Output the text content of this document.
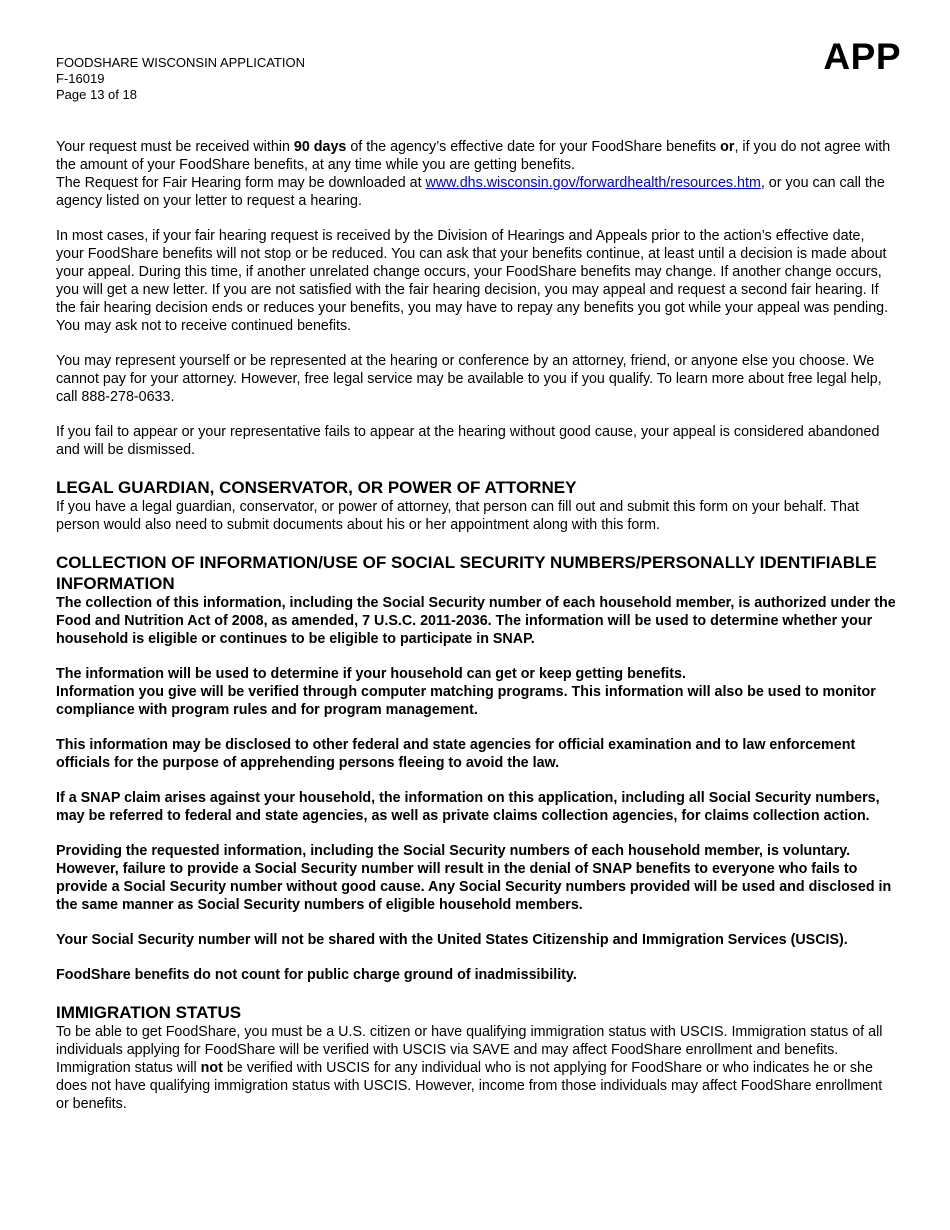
FOODSHARE WISCONSIN APPLICATION
F-16019
Page 13 of 18
APP

Your request must be received within 90 days of the agency’s effective date for your FoodShare benefits or, if you do not agree with the amount of your FoodShare benefits, at any time while you are getting benefits.

The Request for Fair Hearing form may be downloaded at www.dhs.wisconsin.gov/forwardhealth/resources.htm, or you can call the agency listed on your letter to request a hearing.

In most cases, if your fair hearing request is received by the Division of Hearings and Appeals prior to the action’s effective date, your FoodShare benefits will not stop or be reduced. You can ask that your benefits continue, at least until a decision is made about your appeal. During this time, if another unrelated change occurs, your FoodShare benefits may change. If another change occurs, you will get a new letter. If you are not satisfied with the fair hearing decision, you may appeal and request a second fair hearing. If the fair hearing decision ends or reduces your benefits, you may have to repay any benefits you got while your appeal was pending. You may ask not to receive continued benefits.

You may represent yourself or be represented at the hearing or conference by an attorney, friend, or anyone else you choose. We cannot pay for your attorney. However, free legal service may be available to you if you qualify. To learn more about free legal help, call 888-278-0633.

If you fail to appear or your representative fails to appear at the hearing without good cause, your appeal is considered abandoned and will be dismissed.

LEGAL GUARDIAN, CONSERVATOR, OR POWER OF ATTORNEY

If you have a legal guardian, conservator, or power of attorney, that person can fill out and submit this form on your behalf. That person would also need to submit documents about his or her appointment along with this form.

COLLECTION OF INFORMATION/USE OF SOCIAL SECURITY NUMBERS/PERSONALLY IDENTIFIABLE INFORMATION

The collection of this information, including the Social Security number of each household member, is authorized under the Food and Nutrition Act of 2008, as amended, 7 U.S.C. 2011-2036. The information will be used to determine whether your household is eligible or continues to be eligible to participate in SNAP.

The information will be used to determine if your household can get or keep getting benefits.

Information you give will be verified through computer matching programs. This information will also be used to monitor compliance with program rules and for program management.

This information may be disclosed to other federal and state agencies for official examination and to law enforcement officials for the purpose of apprehending persons fleeing to avoid the law.

If a SNAP claim arises against your household, the information on this application, including all Social Security numbers, may be referred to federal and state agencies, as well as private claims collection agencies, for claims collection action.

Providing the requested information, including the Social Security numbers of each household member, is voluntary. However, failure to provide a Social Security number will result in the denial of SNAP benefits to everyone who fails to provide a Social Security number without good cause. Any Social Security numbers provided will be used and disclosed in the same manner as Social Security numbers of eligible household members.

Your Social Security number will not be shared with the United States Citizenship and Immigration Services (USCIS).

FoodShare benefits do not count for public charge ground of inadmissibility.

IMMIGRATION STATUS

To be able to get FoodShare, you must be a U.S. citizen or have qualifying immigration status with USCIS. Immigration status of all individuals applying for FoodShare will be verified with USCIS via SAVE and may affect FoodShare enrollment and benefits. Immigration status will not be verified with USCIS for any individual who is not applying for FoodShare or who indicates he or she does not have qualifying immigration status with USCIS. However, income from those individuals may affect FoodShare enrollment or benefits.
